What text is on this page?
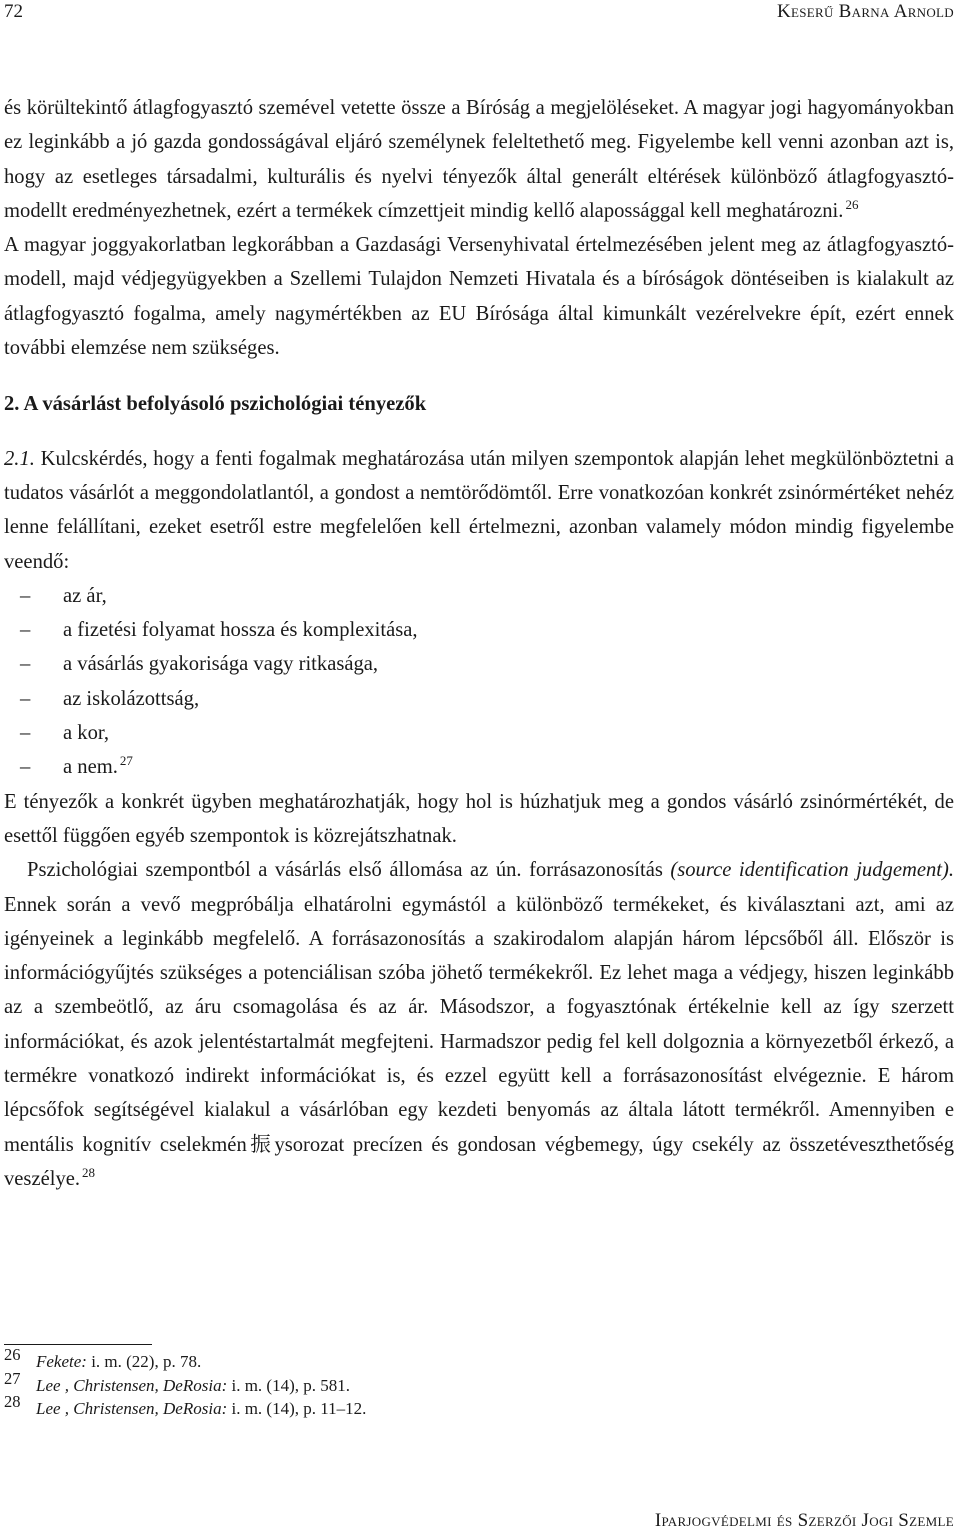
72	Keserű Barna Arnold

és körültekintő átlagfogyasztó szemével vetette össze a Bíróság a megjelöléseket. A magyar jogi hagyományokban ez leginkább a jó gazda gondosságával eljáró személynek feleltethető meg. Figyelembe kell venni azonban azt is, hogy az esetleges társadalmi, kulturális és nyelvi tényezők által generált eltérések különböző átlagfogyasztó-modellt eredményezhetnek, ezért a termékek címzettjeit mindig kellő alapossággal kell meghatározni. $^{26}$

A magyar joggyakorlatban legkorábban a Gazdasági Versenyhivatal értelmezésében jelent meg az átlagfogyasztó-modell, majd védjegyügyekben a Szellemi Tulajdon Nemzeti Hivatala és a bíróságok döntéseiben is kialakult az átlagfogyasztó fogalma, amely nagymértékben az EU Bírósága által kimunkált vezérelvekre épít, ezért ennek további elemzése nem szükséges.

2. A vásárlást befolyásoló pszichológiai tényezők

2.1. Kulcskérdés, hogy a fenti fogalmak meghatározása után milyen szempontok alapján lehet megkülönböztetni a tudatos vásárlót a meggondolatlantól, a gondost a nemtörődömtől. Erre vonatkozóan konkrét zsinórmértéket nehéz lenne felállítani, ezeket esetről estre megfelelően kell értelmezni, azonban valamely módon mindig figyelembe veendő:

– az ár,
– a fizetési folyamat hossza és komplexitása,
– a vásárlás gyakorisága vagy ritkasága,
– az iskolázottság,
– a kor,
– a nem. $^{27}$

E tényezők a konkrét ügyben meghatározhatják, hogy hol is húzhatjuk meg a gondos vásárló zsinórmértékét, de esettől függően egyéb szempontok is közrejátszhatnak.

Pszichológiai szempontból a vásárlás első állomása az ún. forrásazonosítás (source identification judgement). Ennek során a vevő megpróbálja elhatárolni egymástól a különböző termékeket, és kiválasztani azt, ami az igényeinek a leginkább megfelelő. A forrásazonosítás a szakirodalom alapján három lépcsőből áll. Először is információgyűjtés szükséges a potenciálisan szóba jöhető termékekről. Ez lehet maga a védjegy, hiszen leginkább az a szembeötlő, az áru csomagolása és az ár. Másodszor, a fogyasztónak értékelnie kell az így szerzett információkat, és azok jelentéstartalmát megfejteni. Harmadszor pedig fel kell dolgoznia a környezetből érkező, a termékre vonatkozó indirekt információkat is, és ezzel együtt kell a forrásazonosítást elvégeznie. E három lépcsőfok segítségével kialakul a vásárlóban egy kezdeti benyomás az általa látott termékről. Amennyiben e mentális kognitív cselekmén振ysorozat precízen és gondosan végbemegy, úgy csekély az összetéveszthetőség veszélye. $^{28}$

26 Fekete: i. m. (22), p. 78.
27 Lee , Christensen, DeRosia: i. m. (14), p. 581.
28 Lee , Christensen, DeRosia: i. m. (14), p. 11–12.
Iparjogvédelmi és Szerzői Jogi Szemle
